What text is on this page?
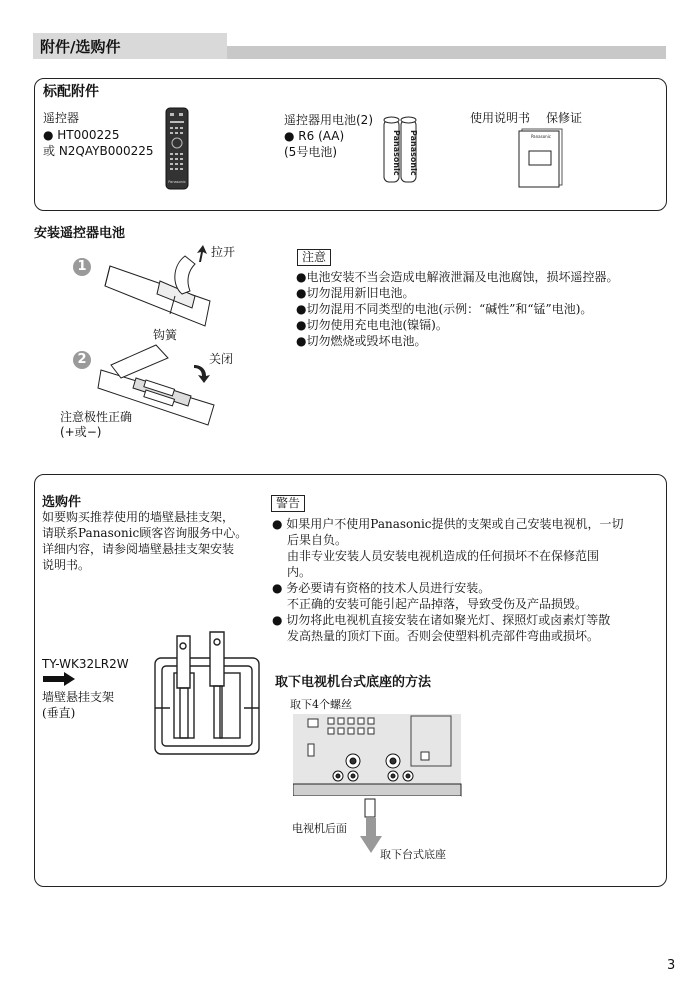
附件/选购件
标配附件
遥控器
● HT000225
或 N2QAYB000225
Panasonic
遥控器用电池(2)
● R6 (AA)
(5号电池)	Panasonic Panasonic
使用说明书 保修证
Panasonic
安装遥控器电池
1
2
拉开
钩簧
关闭
注意极性正确
(+或−)
注意
●电池安装不当会造成电解液泄漏及电池腐蚀，损坏遥控器。
●切勿混用新旧电池。
●切勿混用不同类型的电池(示例：“碱性”和“锰”电池)。
●切勿使用充电电池(镍镉)。
●切勿燃烧或毁坏电池。
选购件
如要购买推荐使用的墙壁悬挂支架，
请联系Panasonic顾客咨询服务中心。
详细内容，请参阅墙壁悬挂支架安装
说明书。
TY-WK32LR2W
墙壁悬挂支架
(垂直)
警告
● 如果用户不使用Panasonic提供的支架或自己安装电视机，一切
后果自负。
由非专业安装人员安装电视机造成的任何损坏不在保修范围
内。
● 务必要请有资格的技术人员进行安装。
不正确的安装可能引起产品掉落，导致受伤及产品损毁。
● 切勿将此电视机直接安装在诸如聚光灯、探照灯或卤素灯等散
发高热量的顶灯下面。否则会使塑料机壳部件弯曲或损坏。
取下电视机台式底座的方法
取下4个螺丝
电视机后面
取下台式底座
3
